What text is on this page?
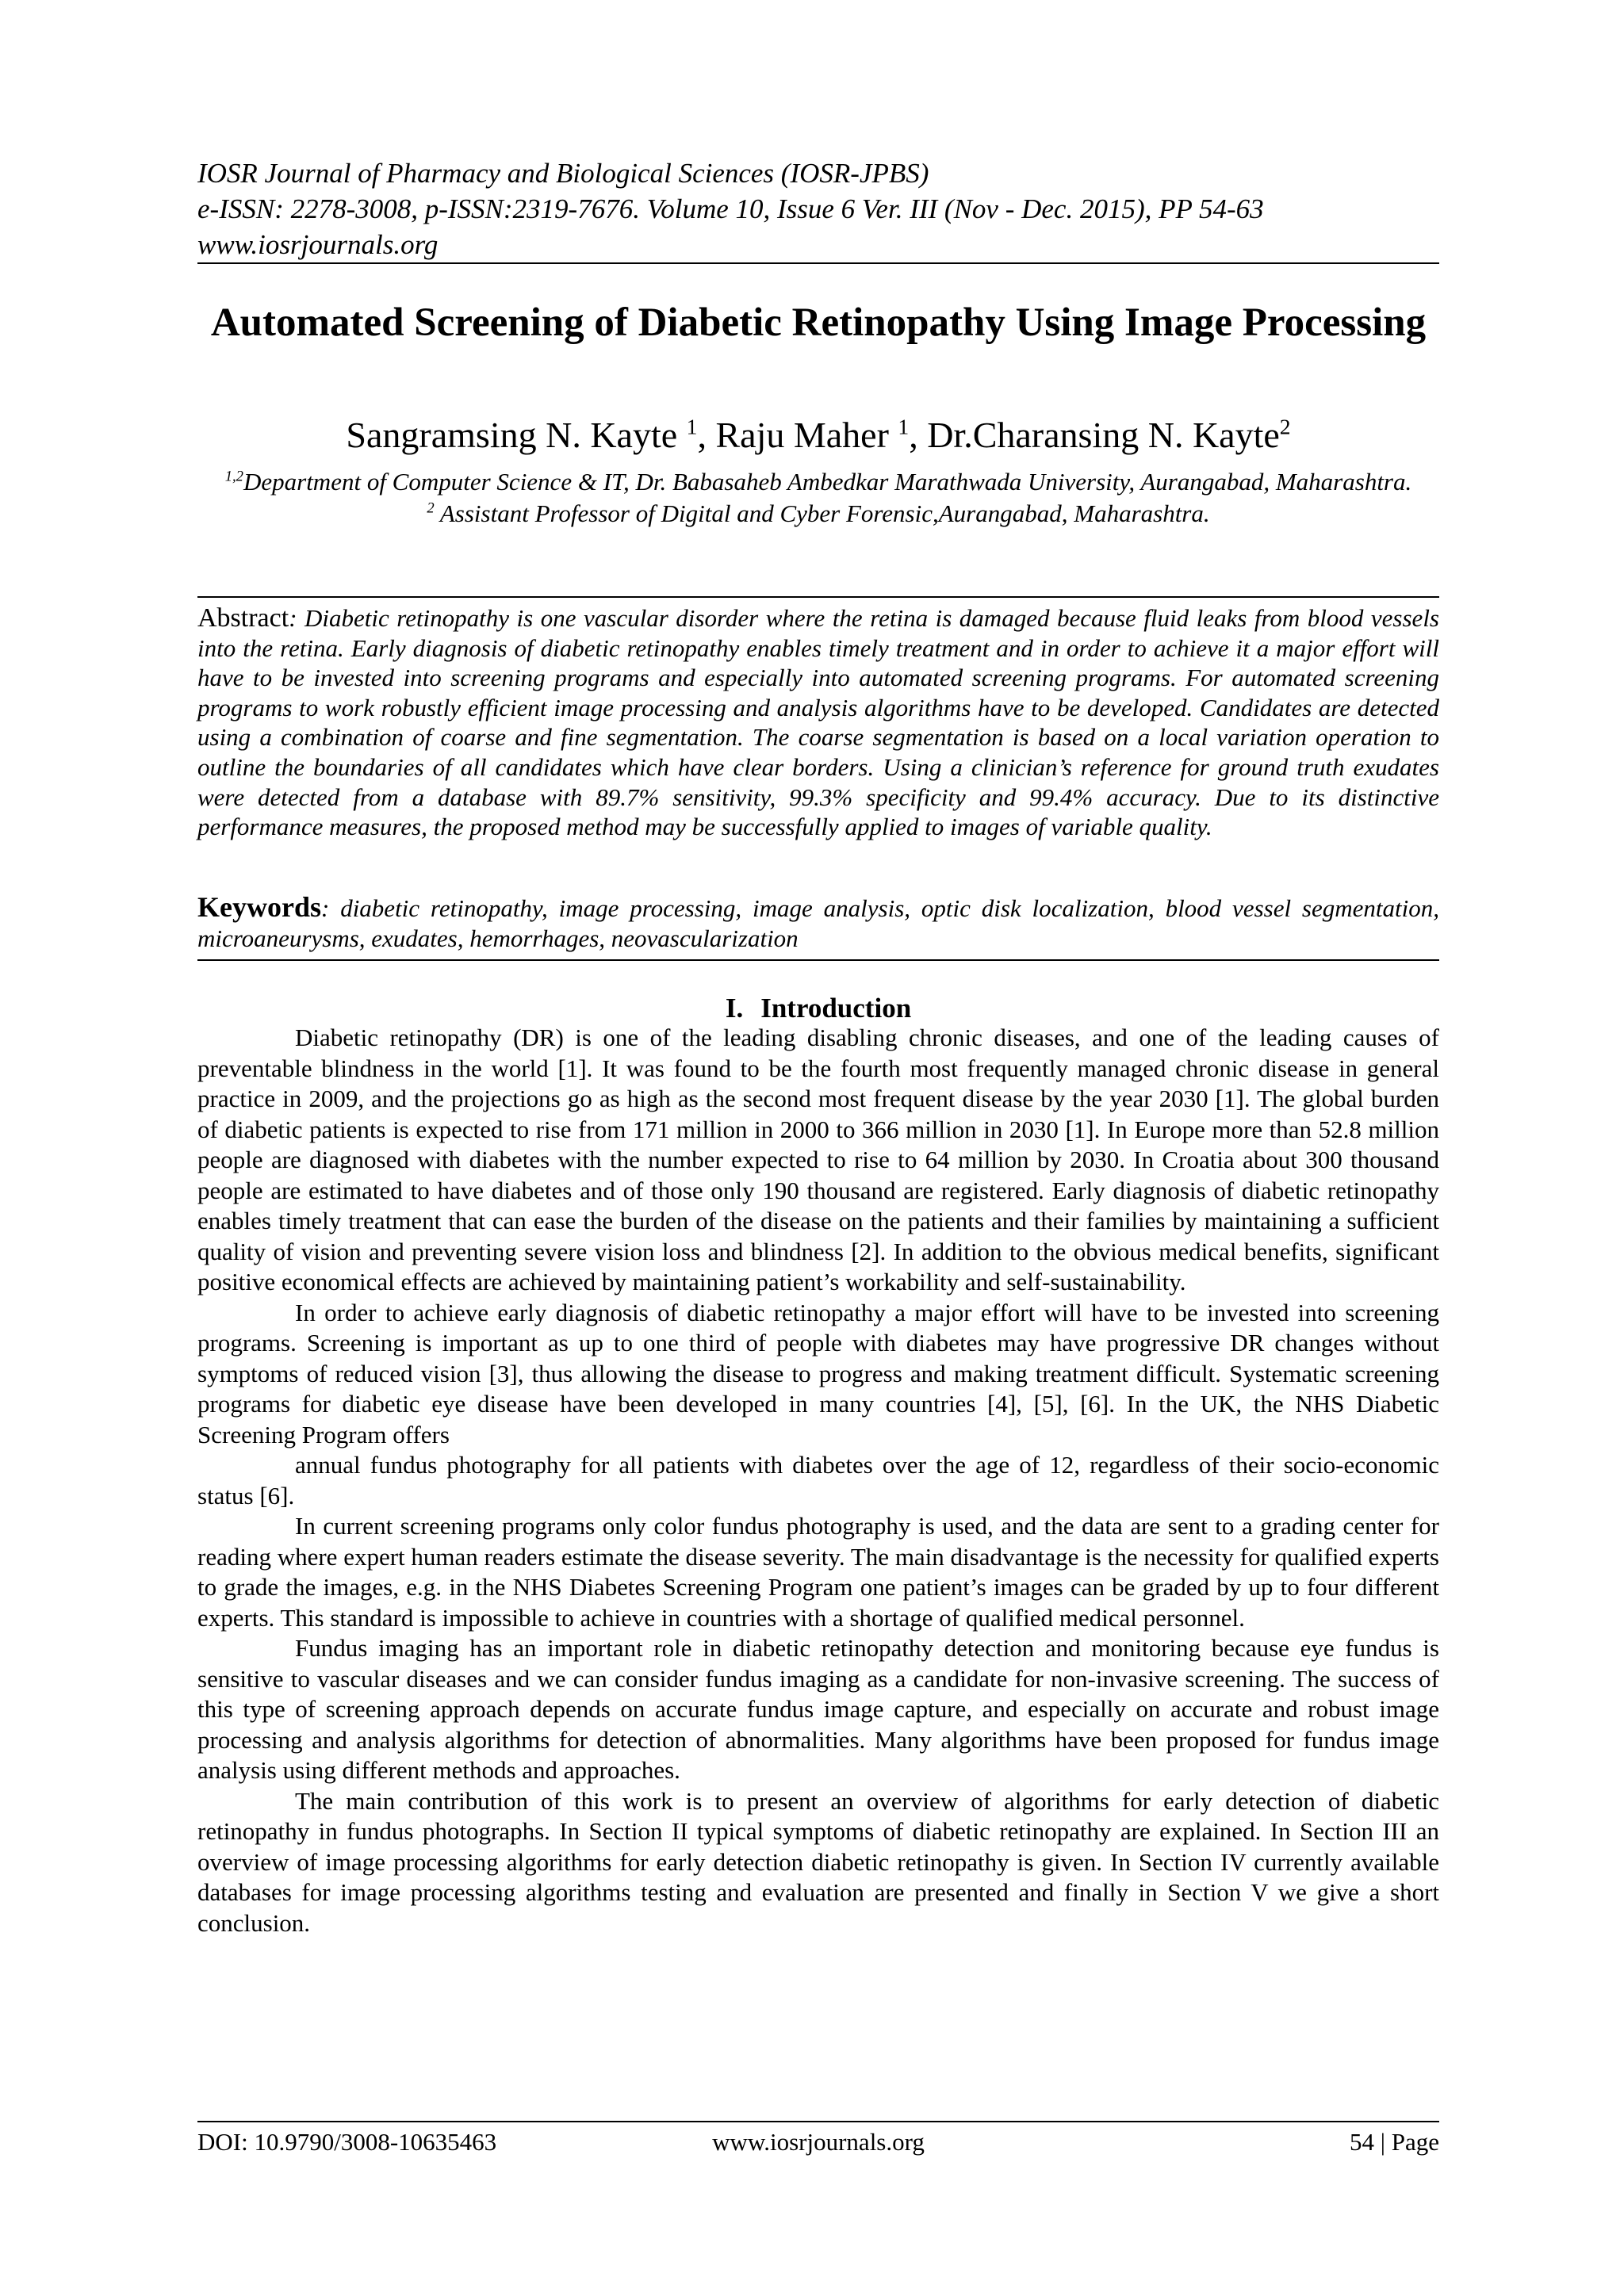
IOSR Journal of Pharmacy and Biological Sciences (IOSR-JPBS)
e-ISSN: 2278-3008, p-ISSN:2319-7676. Volume 10, Issue 6 Ver. III (Nov - Dec. 2015), PP 54-63
www.iosrjournals.org
Automated Screening of Diabetic Retinopathy Using Image Processing
Sangramsing N. Kayte $^1$, Raju Maher $^1$, Dr.Charansing N. Kayte$^2$

$^{1,2}$Department of Computer Science & IT, Dr. Babasaheb Ambedkar Marathwada University, Aurangabad, Maharashtra.

$^2$ Assistant Professor of Digital and Cyber Forensic,Aurangabad, Maharashtra.

Abstract: Diabetic retinopathy is one vascular disorder where the retina is damaged because fluid leaks from blood vessels into the retina. Early diagnosis of diabetic retinopathy enables timely treatment and in order to achieve it a major effort will have to be invested into screening programs and especially into automated screening programs. For automated screening programs to work robustly efficient image processing and analysis algorithms have to be developed. Candidates are detected using a combination of coarse and fine segmentation. The coarse segmentation is based on a local variation operation to outline the boundaries of all candidates which have clear borders. Using a clinician’s reference for ground truth exudates were detected from a database with 89.7% sensitivity, 99.3% specificity and 99.4% accuracy. Due to its distinctive performance measures, the proposed method may be successfully applied to images of variable quality.
Keywords: diabetic retinopathy, image processing, image analysis, optic disk localization, blood vessel segmentation, microaneurysms, exudates, hemorrhages, neovascularization
I. Introduction

Diabetic retinopathy (DR) is one of the leading disabling chronic diseases, and one of the leading causes of preventable blindness in the world [1]. It was found to be the fourth most frequently managed chronic disease in general practice in 2009, and the projections go as high as the second most frequent disease by the year 2030 [1]. The global burden of diabetic patients is expected to rise from 171 million in 2000 to 366 million in 2030 [1]. In Europe more than 52.8 million people are diagnosed with diabetes with the number expected to rise to 64 million by 2030. In Croatia about 300 thousand people are estimated to have diabetes and of those only 190 thousand are registered. Early diagnosis of diabetic retinopathy enables timely treatment that can ease the burden of the disease on the patients and their families by maintaining a sufficient quality of vision and preventing severe vision loss and blindness [2]. In addition to the obvious medical benefits, significant positive economical effects are achieved by maintaining patient’s workability and self-sustainability.

In order to achieve early diagnosis of diabetic retinopathy a major effort will have to be invested into screening programs. Screening is important as up to one third of people with diabetes may have progressive DR changes without symptoms of reduced vision [3], thus allowing the disease to progress and making treatment difficult. Systematic screening programs for diabetic eye disease have been developed in many countries [4], [5], [6]. In the UK, the NHS Diabetic Screening Program offers

annual fundus photography for all patients with diabetes over the age of 12, regardless of their socio-economic status [6].

In current screening programs only color fundus photography is used, and the data are sent to a grading center for reading where expert human readers estimate the disease severity. The main disadvantage is the necessity for qualified experts to grade the images, e.g. in the NHS Diabetes Screening Program one patient’s images can be graded by up to four different experts. This standard is impossible to achieve in countries with a shortage of qualified medical personnel.

Fundus imaging has an important role in diabetic retinopathy detection and monitoring because eye fundus is sensitive to vascular diseases and we can consider fundus imaging as a candidate for non-invasive screening. The success of this type of screening approach depends on accurate fundus image capture, and especially on accurate and robust image processing and analysis algorithms for detection of abnormalities. Many algorithms have been proposed for fundus image analysis using different methods and approaches.

The main contribution of this work is to present an overview of algorithms for early detection of diabetic retinopathy in fundus photographs. In Section II typical symptoms of diabetic retinopathy are explained. In Section III an overview of image processing algorithms for early detection diabetic retinopathy is given. In Section IV currently available databases for image processing algorithms testing and evaluation are presented and finally in Section V we give a short conclusion.

DOI: 10.9790/3008-10635463	www.iosrjournals.org	54 | Page
